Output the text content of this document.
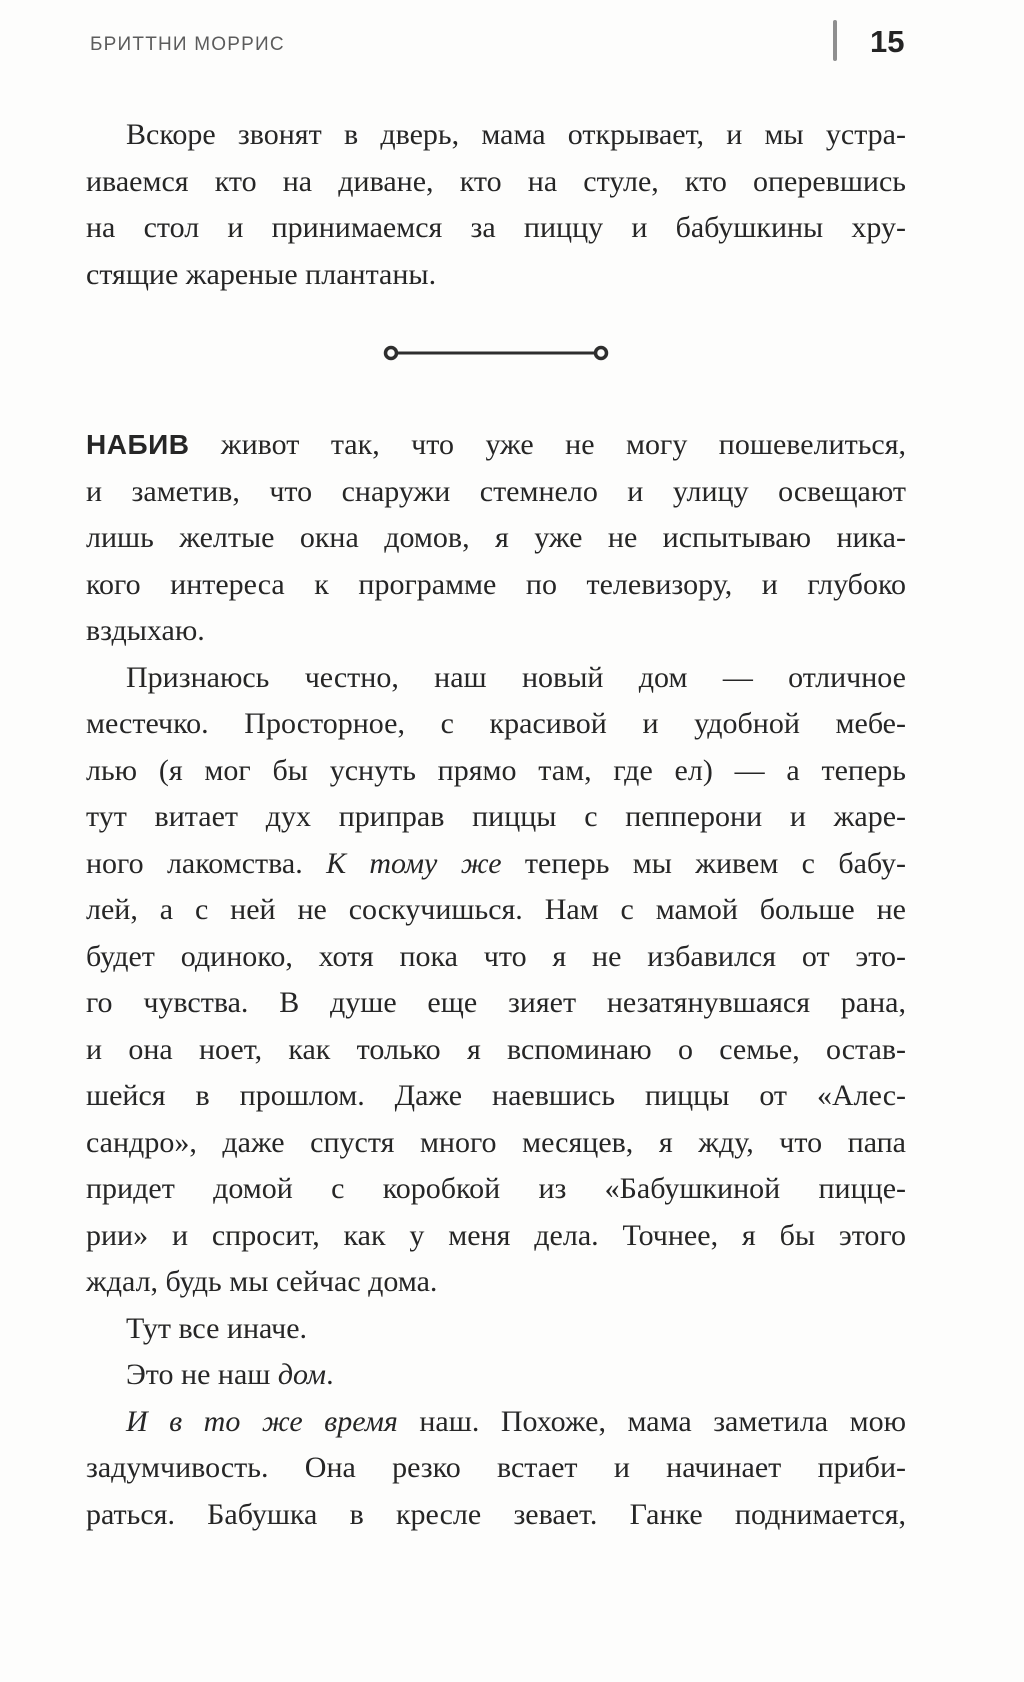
БРИТТНИ МОРРИС	15
Вскоре звонят в дверь, мама открывает, и мы устра-
иваемся кто на диване, кто на стуле, кто оперевшись
на стол и принимаемся за пиццу и бабушкины хру-
стящие жареные плантаны.
НАБИВ живот так, что уже не могу пошевелиться,
и заметив, что снаружи стемнело и улицу освещают
лишь желтые окна домов, я уже не испытываю ника-
кого интереса к программе по телевизору, и глубоко
вздыхаю.
Признаюсь честно, наш новый дом — отличное
местечко. Просторное, с красивой и удобной мебе-
лью (я мог бы уснуть прямо там, где ел) — а теперь
тут витает дух приправ пиццы с пепперони и жаре-
ного лакомства. К тому же теперь мы живем с бабу-
лей, а с ней не соскучишься. Нам с мамой больше не
будет одиноко, хотя пока что я не избавился от это-
го чувства. В душе еще зияет незатянувшаяся рана,
и она ноет, как только я вспоминаю о семье, остав-
шейся в прошлом. Даже наевшись пиццы от «Алес-
сандро», даже спустя много месяцев, я жду, что папа
придет домой с коробкой из «Бабушкиной пицце-
рии» и спросит, как у меня дела. Точнее, я бы этого
ждал, будь мы сейчас дома.
Тут все иначе.
Это не наш дом.
И в то же время наш. Похоже, мама заметила мою
задумчивость. Она резко встает и начинает приби-
раться. Бабушка в кресле зевает. Ганке поднимается,
